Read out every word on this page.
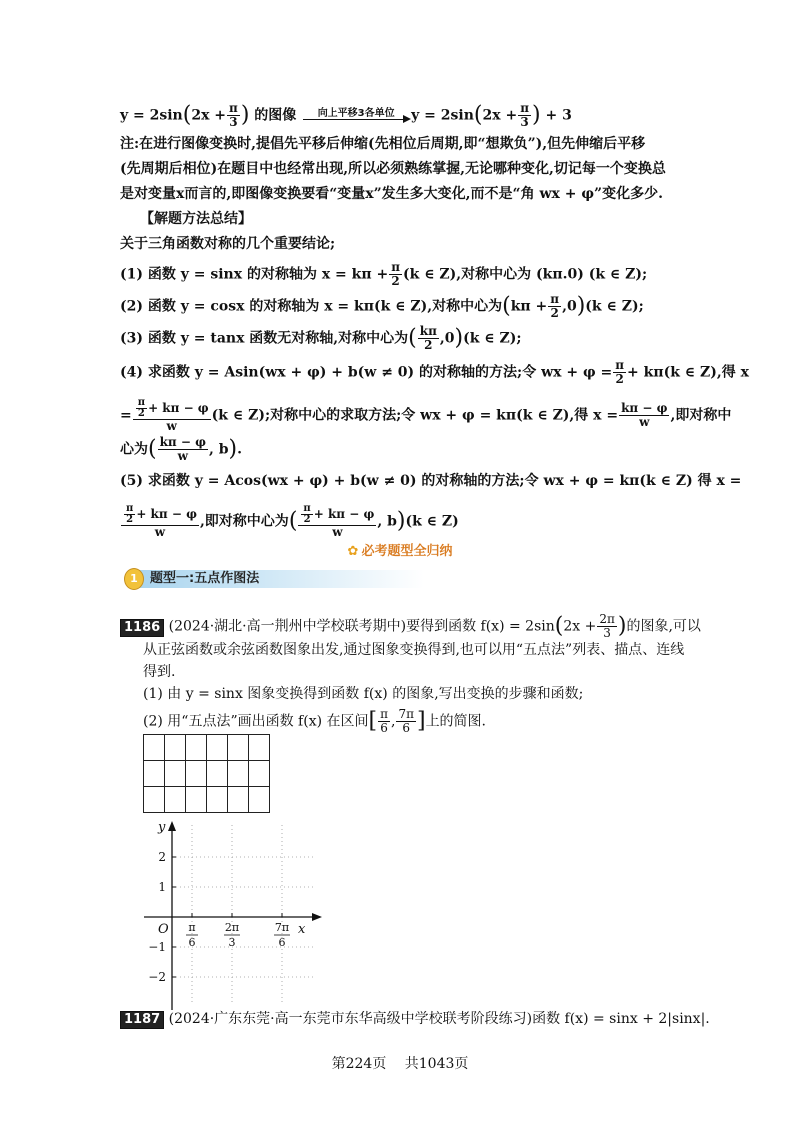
$y = 2\sin(2x + \frac{\pi}{3}$ ) 的图像	向上平移3各单位	$y = 2\sin(2x + \frac{\pi}{3}$ ) + 3
注:在进行图像变换时,提倡先平移后伸缩(先相位后周期,即“想欺负”),但先伸缩后平移
(先周期后相位)在题目中也经常出现,所以必须熟练掌握,无论哪种变化,切记每一个变换总
是对变量x而言的,即图像变换要看“变量x”发生多大变化,而不是“角 wx + φ”变化多少.
【解题方法总结】
关于三角函数对称的几个重要结论;
(1) 函数 y = sinx 的对称轴为 $x = k\pi + \frac{\pi}{2} (k$ ∈ Z),对称中心为 (kπ.0) (k ∈ Z);
(2) 函数 y = cosx 的对称轴为 x = kπ(k ∈ Z),对称中心为$(k\pi + \frac{\pi}{2} ,0)(k$ ∈ Z);
(3) 函数 y = tanx 函数无对称轴,对称中心为( $\frac{k\pi}{2} ,0)(k$ ∈ Z);
(4) 求函数 y = Asin(wx + φ) + b(w ≠ 0) 的对称轴的方法;令 wx + $\varphi = \frac{\pi}{2} + k\pi(k$ ∈ Z),得 x
= $\frac{\frac{\pi}{2} + k\pi - \varphi}{w} (k$ ∈ Z);对称中心的求取方法;令 wx + φ = kπ(k ∈ Z),得 $x = \frac{k\pi - \varphi}{w}$ ,即对称中
心为( $\frac{k\pi - \varphi}{w}$ , b).
(5) 求函数 y = Acos(wx + φ) + b(w ≠ 0) 的对称轴的方法;令 wx + φ = kπ(k ∈ Z) 得 x =
$\frac{\frac{\pi}{2} + k\pi - \varphi}{w}$ ,即对称中心为( $\frac{\frac{\pi}{2} + k\pi - \varphi}{w}$ , b)(k ∈ Z)
✿ 必考题型全归纳
1 题型一:五点作图法
1186 (2024·湖北·高一荆州中学校联考期中)要得到函数 $f(x) = 2\sin(2x + \frac{2\pi}{3}$ )的图象,可以
从正弦函数或余弦函数图象出发,通过图象变换得到,也可以用“五点法”列表、描点、连线
得到.
(1) 由 y = sinx 图象变换得到函数 f(x) 的图象,写出变换的步骤和函数;
(2) 用“五点法”画出函数 f(x) 在区间[ $\frac{\pi}{6}$ , $\frac{7\pi}{6}$ ]上的简图.

y
x
O
2
1
−1
−2
π
6
2π
3
7π
6
1187 (2024·广东东莞·高一东莞市东华高级中学校联考阶段练习)函数 f(x) = sinx + 2|sinx|.
第224页　 共1043页
